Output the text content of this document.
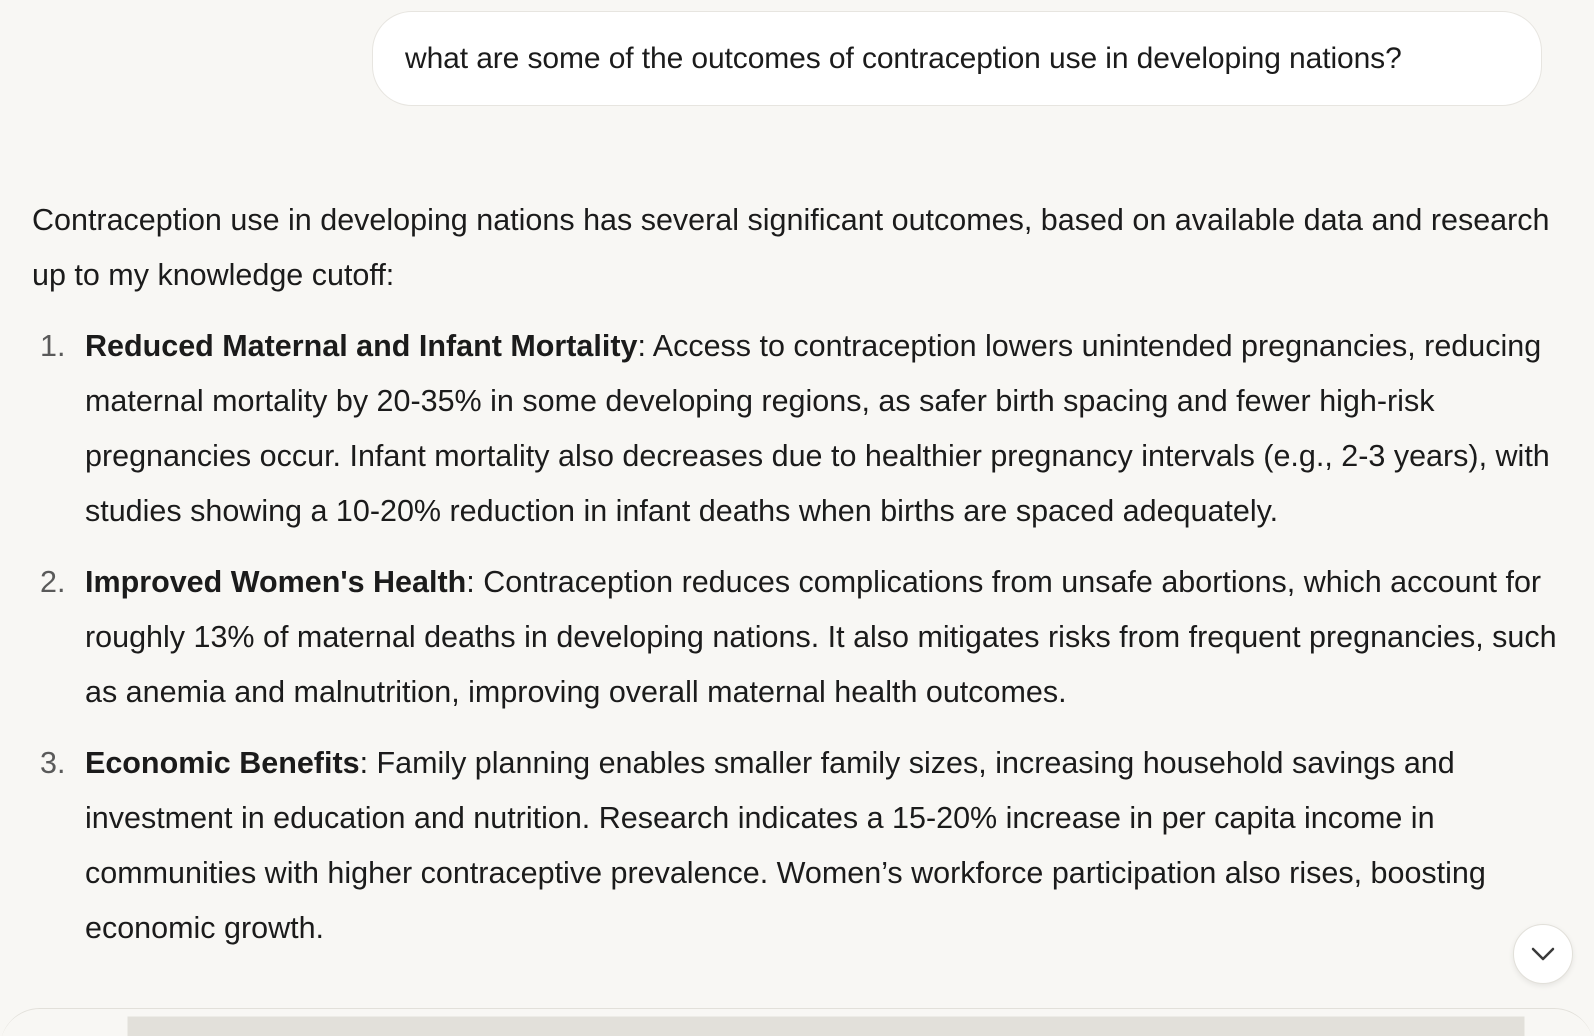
what are some of the outcomes of contraception use in developing nations?

Contraception use in developing nations has several significant outcomes, based on available data and research up to my knowledge cutoff:

1. Reduced Maternal and Infant Mortality: Access to contraception lowers unintended pregnancies, reducing maternal mortality by 20-35% in some developing regions, as safer birth spacing and fewer high-risk pregnancies occur. Infant mortality also decreases due to healthier pregnancy intervals (e.g., 2-3 years), with studies showing a 10-20% reduction in infant deaths when births are spaced adequately.
2. Improved Women's Health: Contraception reduces complications from unsafe abortions, which account for roughly 13% of maternal deaths in developing nations. It also mitigates risks from frequent pregnancies, such as anemia and malnutrition, improving overall maternal health outcomes.
3. Economic Benefits: Family planning enables smaller family sizes, increasing household savings and investment in education and nutrition. Research indicates a 15-20% increase in per capita income in communities with higher contraceptive prevalence. Women’s workforce participation also rises, boosting economic growth.
